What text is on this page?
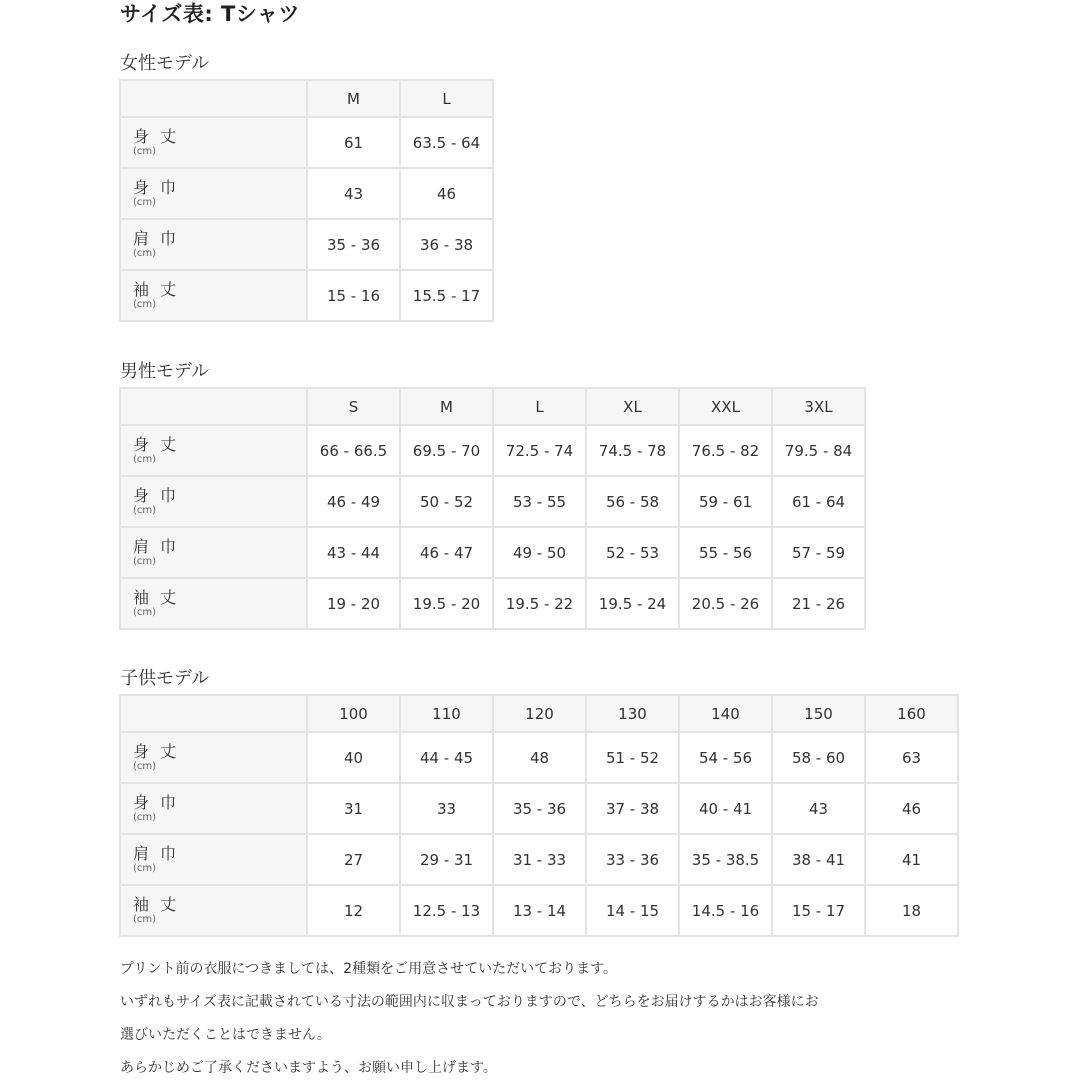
サイズ表: Tシャツ
女性モデル
	M	L

身 丈
(cm)	61	63.5 - 64

身 巾
(cm)	43	46

肩 巾
(cm)	35 - 36	36 - 38

袖 丈
(cm)	15 - 16	15.5 - 17
男性モデル
	S	M	L	XL	XXL	3XL

身 丈
(cm)	66 - 66.5	69.5 - 70	72.5 - 74	74.5 - 78	76.5 - 82	79.5 - 84

身 巾
(cm)	46 - 49	50 - 52	53 - 55	56 - 58	59 - 61	61 - 64

肩 巾
(cm)	43 - 44	46 - 47	49 - 50	52 - 53	55 - 56	57 - 59

袖 丈
(cm)	19 - 20	19.5 - 20	19.5 - 22	19.5 - 24	20.5 - 26	21 - 26
子供モデル
	100	110	120	130	140	150	160

身 丈
(cm)	40	44 - 45	48	51 - 52	54 - 56	58 - 60	63

身 巾
(cm)	31	33	35 - 36	37 - 38	40 - 41	43	46

肩 巾
(cm)	27	29 - 31	31 - 33	33 - 36	35 - 38.5	38 - 41	41

袖 丈
(cm)	12	12.5 - 13	13 - 14	14 - 15	14.5 - 16	15 - 17	18

プリント前の衣服につきましては、2種類をご用意させていただいております。

いずれもサイズ表に記載されている寸法の範囲内に収まっておりますので、どちらをお届けするかはお客様にお

選びいただくことはできません。

あらかじめご了承くださいますよう、お願い申し上げます。
